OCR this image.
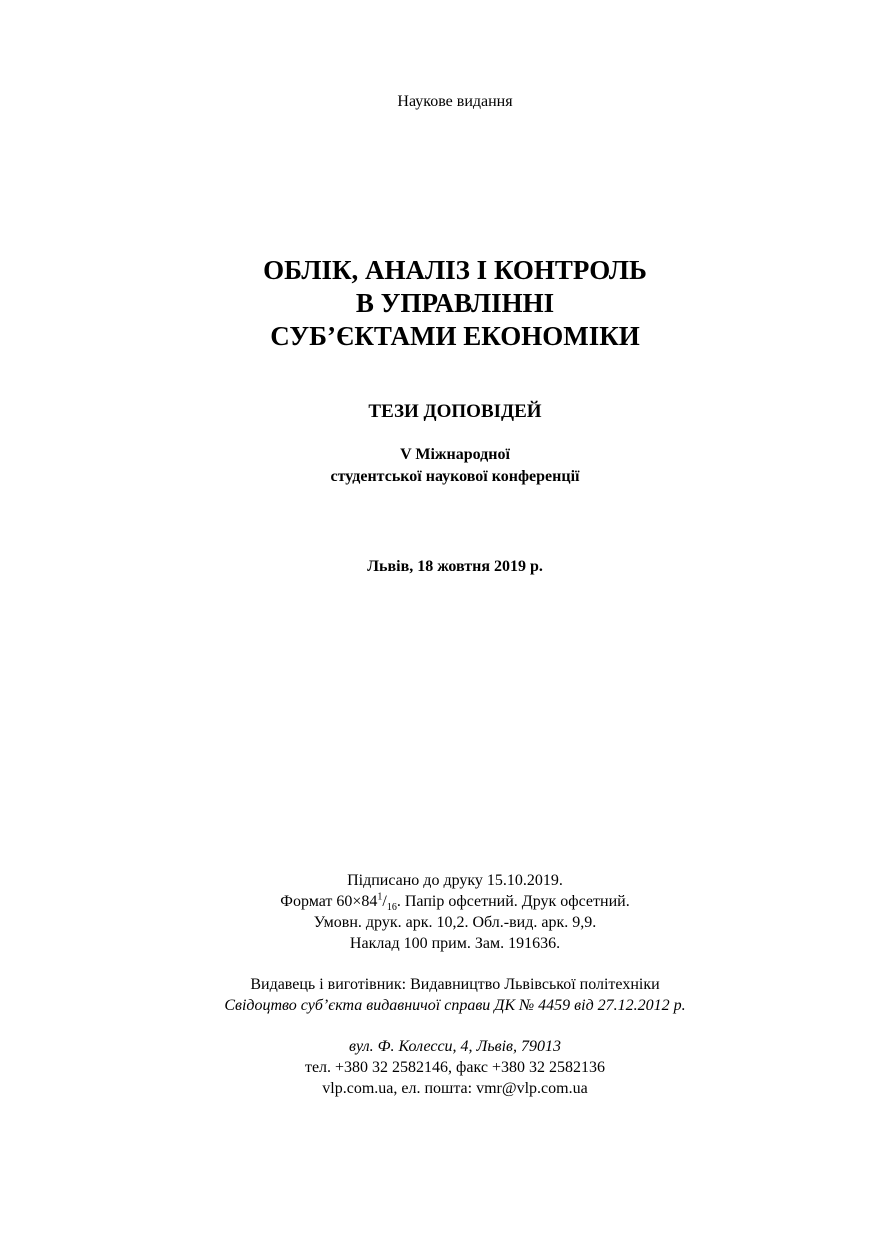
Наукове видання
ОБЛІК, АНАЛІЗ І КОНТРОЛЬ
В УПРАВЛІННІ
СУБ’ЄКТАМИ ЕКОНОМІКИ
ТЕЗИ ДОПОВІДЕЙ
V Міжнародної
студентської наукової конференції
Львів, 18 жовтня 2019 р.
Підписано до друку 15.10.2019.
Формат $60\times 84^1/_{16}$. Папір офсетний. Друк офсетний.
Умовн. друк. арк. 10,2. Обл.-вид. арк. 9,9.
Наклад 100 прим. Зам. 191636.
Видавець і виготівник: Видавництво Львівської політехніки
Свідоцтво суб’єкта видавничої справи ДК № 4459 від 27.12.2012 р.
вул. Ф. Колесси, 4, Львів, 79013
тел. +380 32 2582146, факс +380 32 2582136
vlp.com.ua, ел. пошта: vmr@vlp.com.ua
